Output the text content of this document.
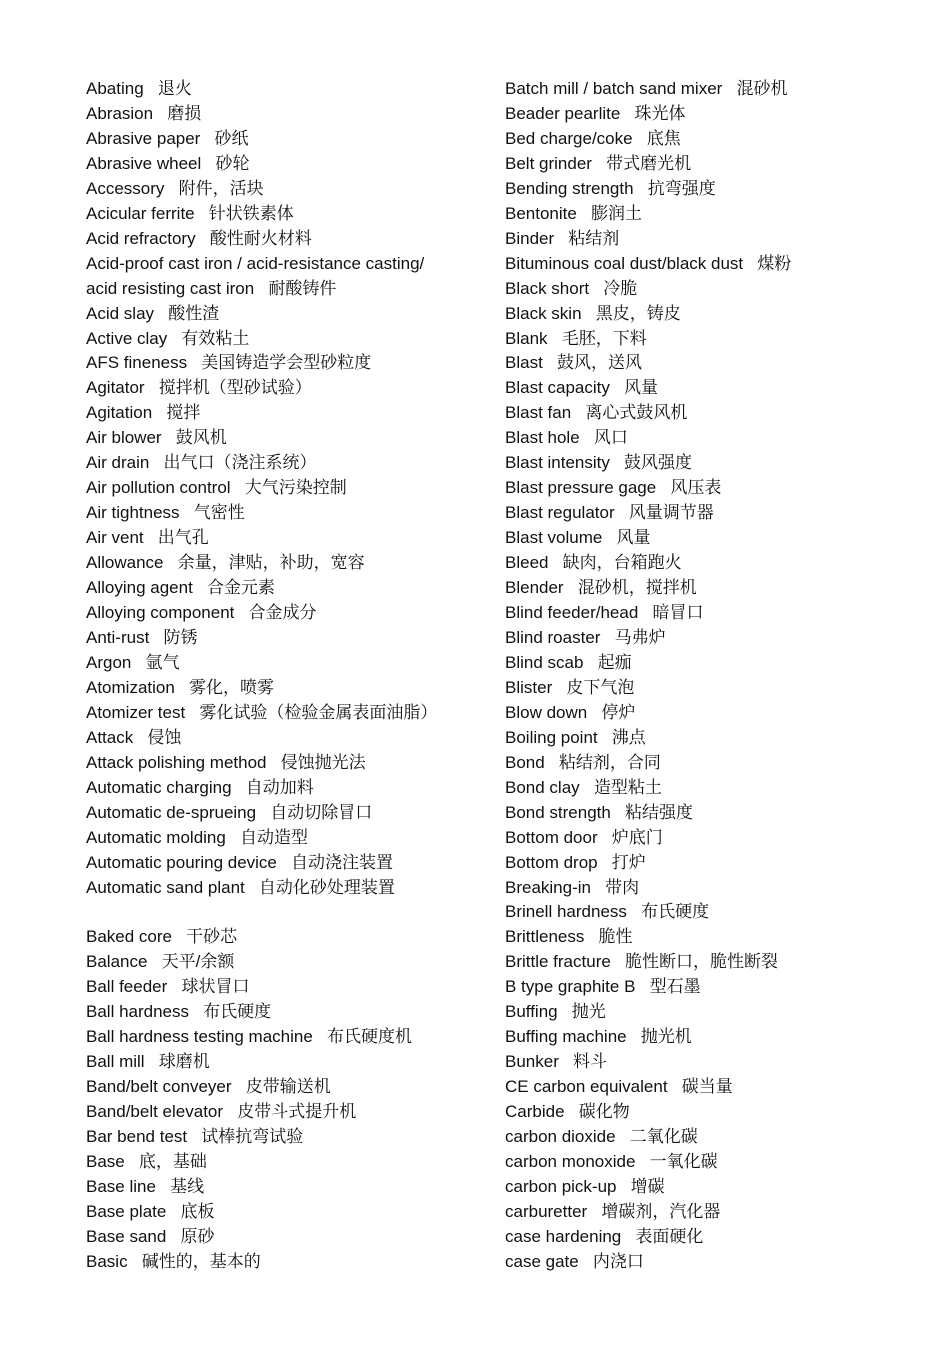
Abating   退火
Abrasion   磨损
Abrasive paper   砂纸
Abrasive wheel   砂轮
Accessory   附件，活块
Acicular ferrite   针状铁素体
Acid refractory   酸性耐火材料
Acid-proof cast iron / acid-resistance casting/
acid resisting cast iron   耐酸铸件
Acid slay   酸性渣
Active clay   有效粘土
AFS fineness   美国铸造学会型砂粒度
Agitator   搅拌机（型砂试验）
Agitation   搅拌
Air blower   鼓风机
Air drain   出气口（浇注系统）
Air pollution control   大气污染控制
Air tightness   气密性
Air vent   出气孔
Allowance   余量，津贴，补助，宽容
Alloying agent   合金元素
Alloying component   合金成分
Anti-rust   防锈
Argon   氩气
Atomization   雾化，喷雾
Atomizer test   雾化试验（检验金属表面油脂）
Attack   侵蚀
Attack polishing method   侵蚀抛光法
Automatic charging   自动加料
Automatic de-sprueing   自动切除冒口
Automatic molding   自动造型
Automatic pouring device   自动浇注装置
Automatic sand plant   自动化砂处理装置
Baked core   干砂芯
Balance   天平/余额
Ball feeder   球状冒口
Ball hardness   布氏硬度
Ball hardness testing machine   布氏硬度机
Ball mill   球磨机
Band/belt conveyer   皮带输送机
Band/belt elevator   皮带斗式提升机
Bar bend test   试棒抗弯试验
Base   底，基础
Base line   基线
Base plate   底板
Base sand   原砂
Basic   碱性的，基本的
Batch mill / batch sand mixer   混砂机
Beader pearlite   珠光体
Bed charge/coke   底焦
Belt grinder   带式磨光机
Bending strength   抗弯强度
Bentonite   膨润土
Binder   粘结剂
Bituminous coal dust/black dust   煤粉
Black short   冷脆
Black skin   黑皮，铸皮
Blank   毛胚，下料
Blast   鼓风，送风
Blast capacity   风量
Blast fan   离心式鼓风机
Blast hole   风口
Blast intensity   鼓风强度
Blast pressure gage   风压表
Blast regulator   风量调节器
Blast volume   风量
Bleed   缺肉，台箱跑火
Blender   混砂机，搅拌机
Blind feeder/head   暗冒口
Blind roaster   马弗炉
Blind scab   起痂
Blister   皮下气泡
Blow down   停炉
Boiling point   沸点
Bond   粘结剂，合同
Bond clay   造型粘土
Bond strength   粘结强度
Bottom door   炉底门
Bottom drop   打炉
Breaking-in   带肉
Brinell hardness   布氏硬度
Brittleness   脆性
Brittle fracture   脆性断口，脆性断裂
B type graphite B   型石墨
Buffing   抛光
Buffing machine   抛光机
Bunker   料斗
CE carbon equivalent   碳当量
Carbide   碳化物
carbon dioxide   二氧化碳
carbon monoxide   一氧化碳
carbon pick-up   增碳
carburetter   增碳剂，汽化器
case hardening   表面硬化
case gate   内浇口
